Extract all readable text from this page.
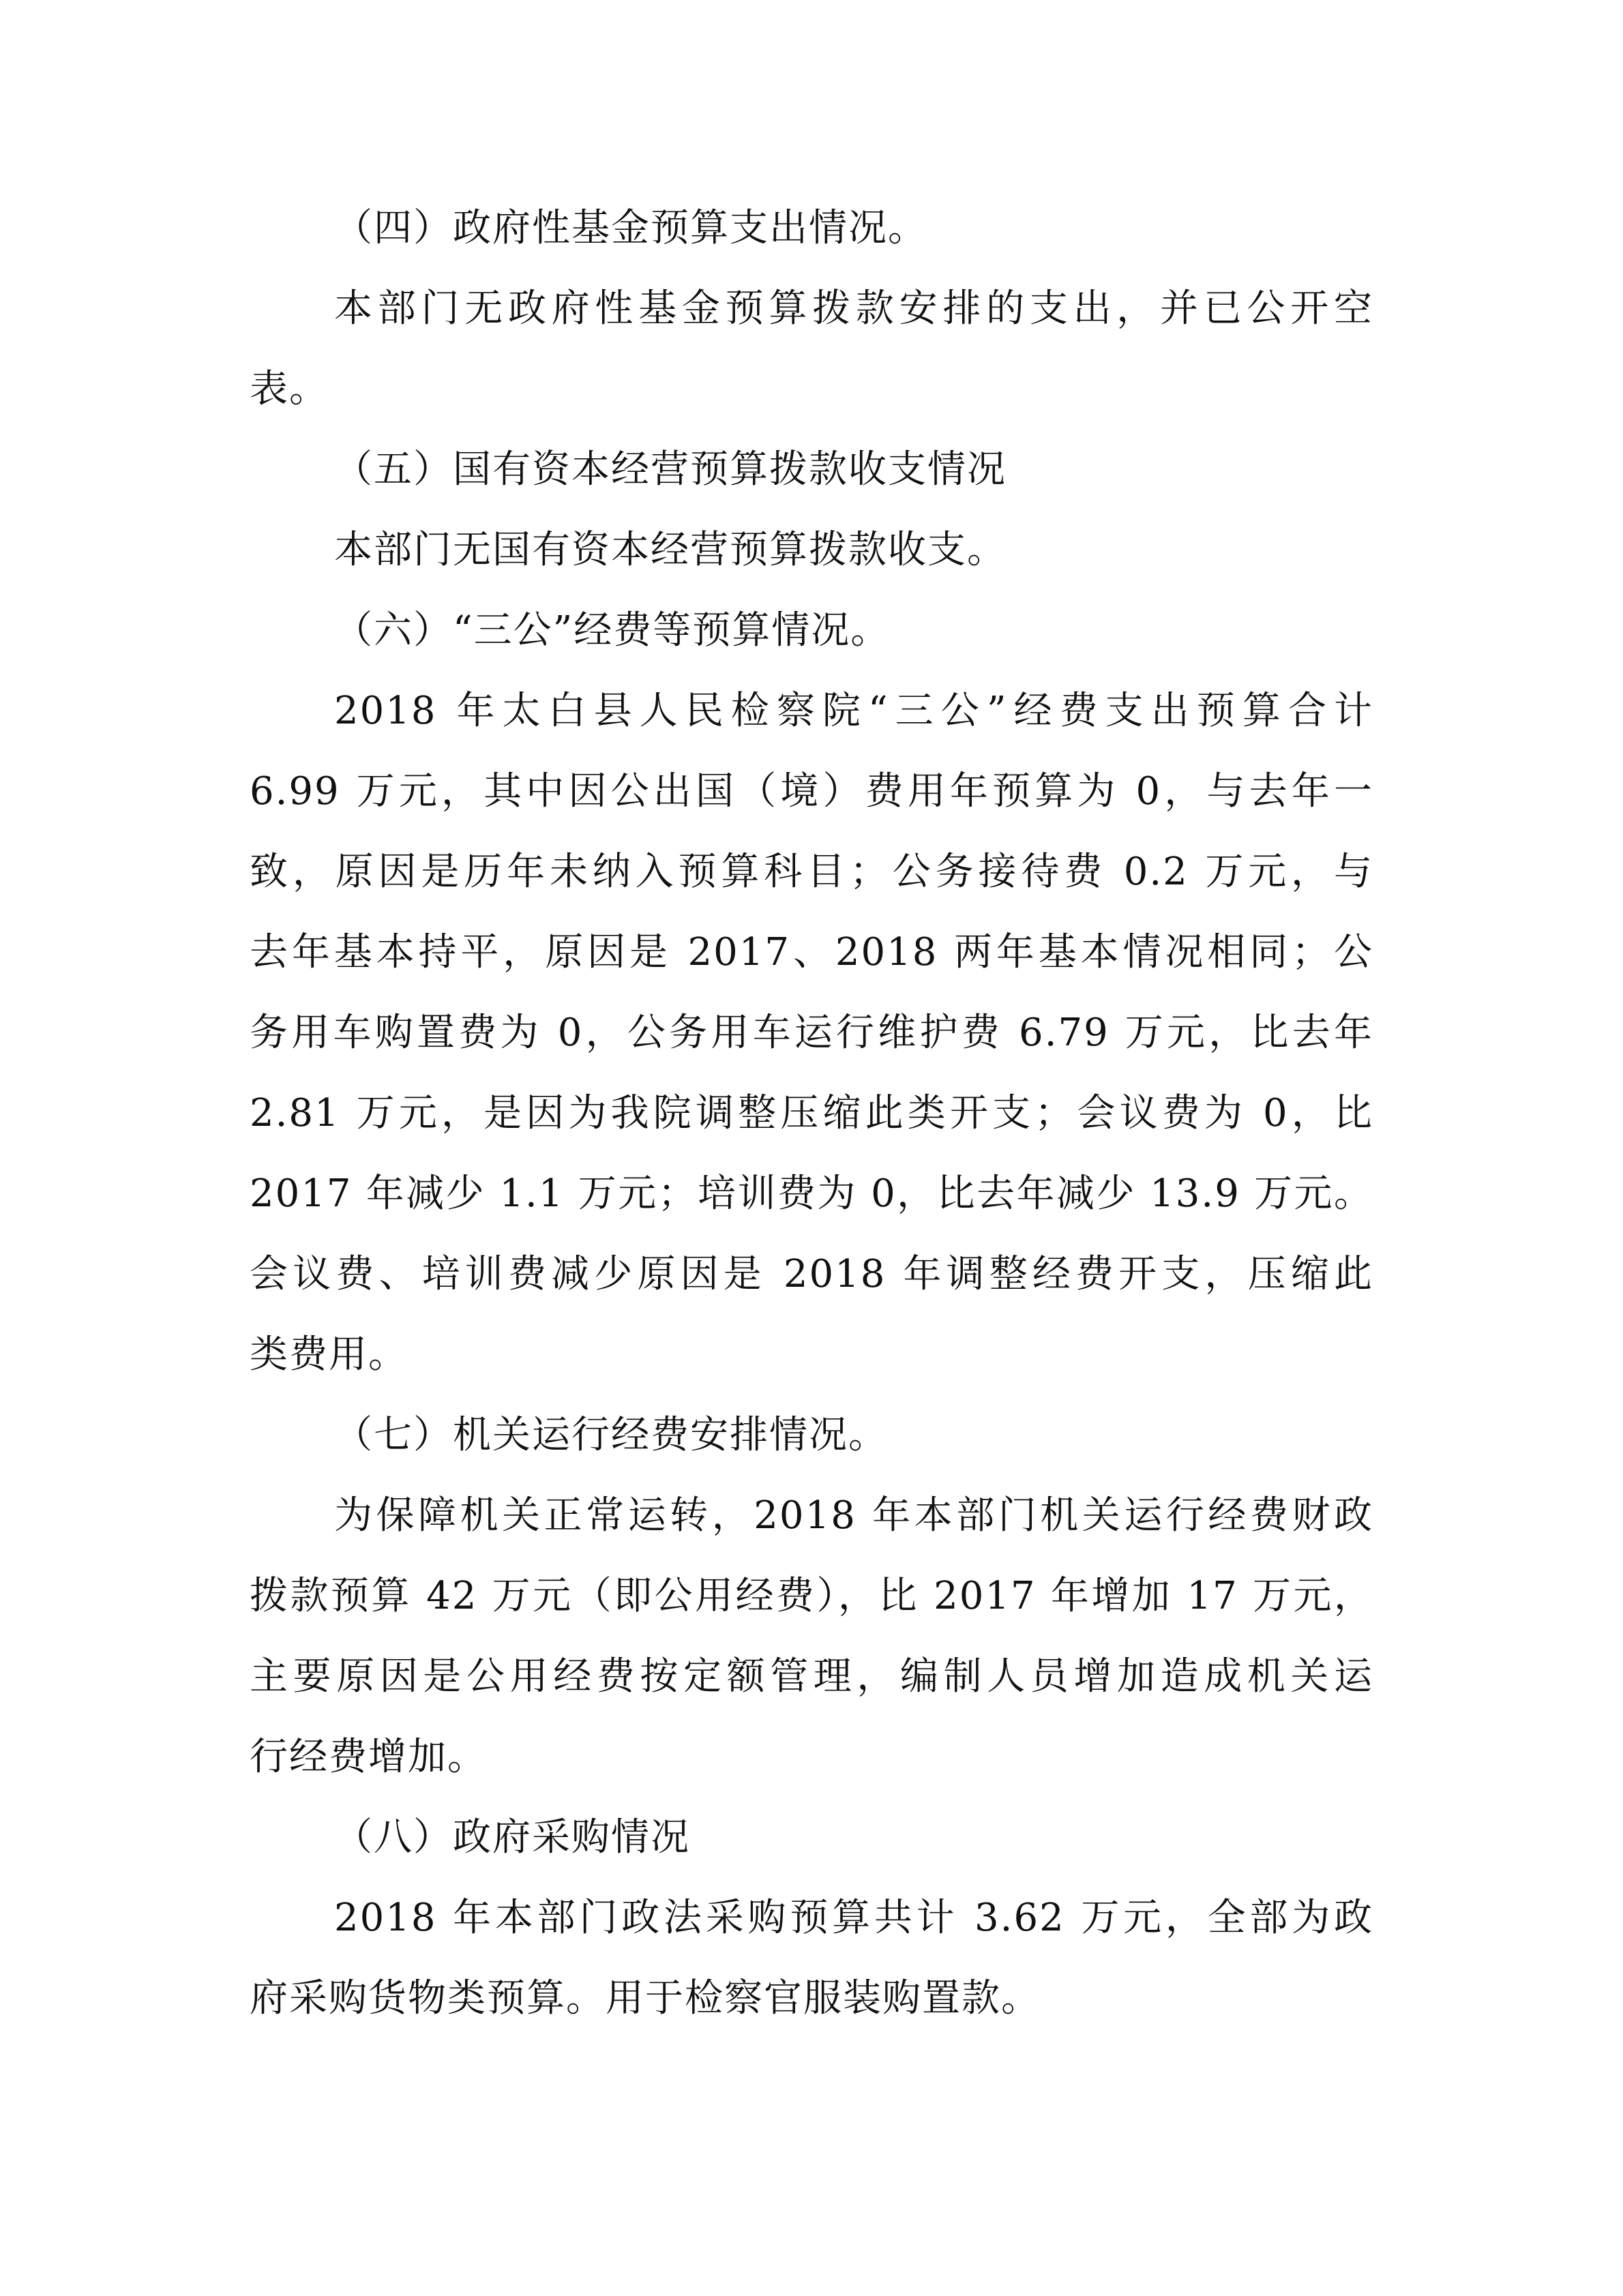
（四）政府性基金预算支出情况。
本部门无政府性基金预算拨款安排的支出，并已公开空
表。
（五）国有资本经营预算拨款收支情况
本部门无国有资本经营预算拨款收支。
（六）“三公”经费等预算情况。
2018 年太白县人民检察院“三公”经费支出预算合计
6.99 万元，其中因公出国（境）费用年预算为 0，与去年一
致，原因是历年未纳入预算科目；公务接待费 0.2 万元，与
去年基本持平，原因是 2017、2018 两年基本情况相同；公
务用车购置费为 0，公务用车运行维护费 6.79 万元，比去年
2.81 万元，是因为我院调整压缩此类开支；会议费为 0，比
2017 年减少 1.1 万元；培训费为 0，比去年减少 13.9 万元。
会议费、培训费减少原因是 2018 年调整经费开支，压缩此
类费用。
（七）机关运行经费安排情况。
为保障机关正常运转，2018 年本部门机关运行经费财政
拨款预算 42 万元（即公用经费），比 2017 年增加 17 万元，
主要原因是公用经费按定额管理，编制人员增加造成机关运
行经费增加。
（八）政府采购情况
2018 年本部门政法采购预算共计 3.62 万元，全部为政
府采购货物类预算。用于检察官服装购置款。
